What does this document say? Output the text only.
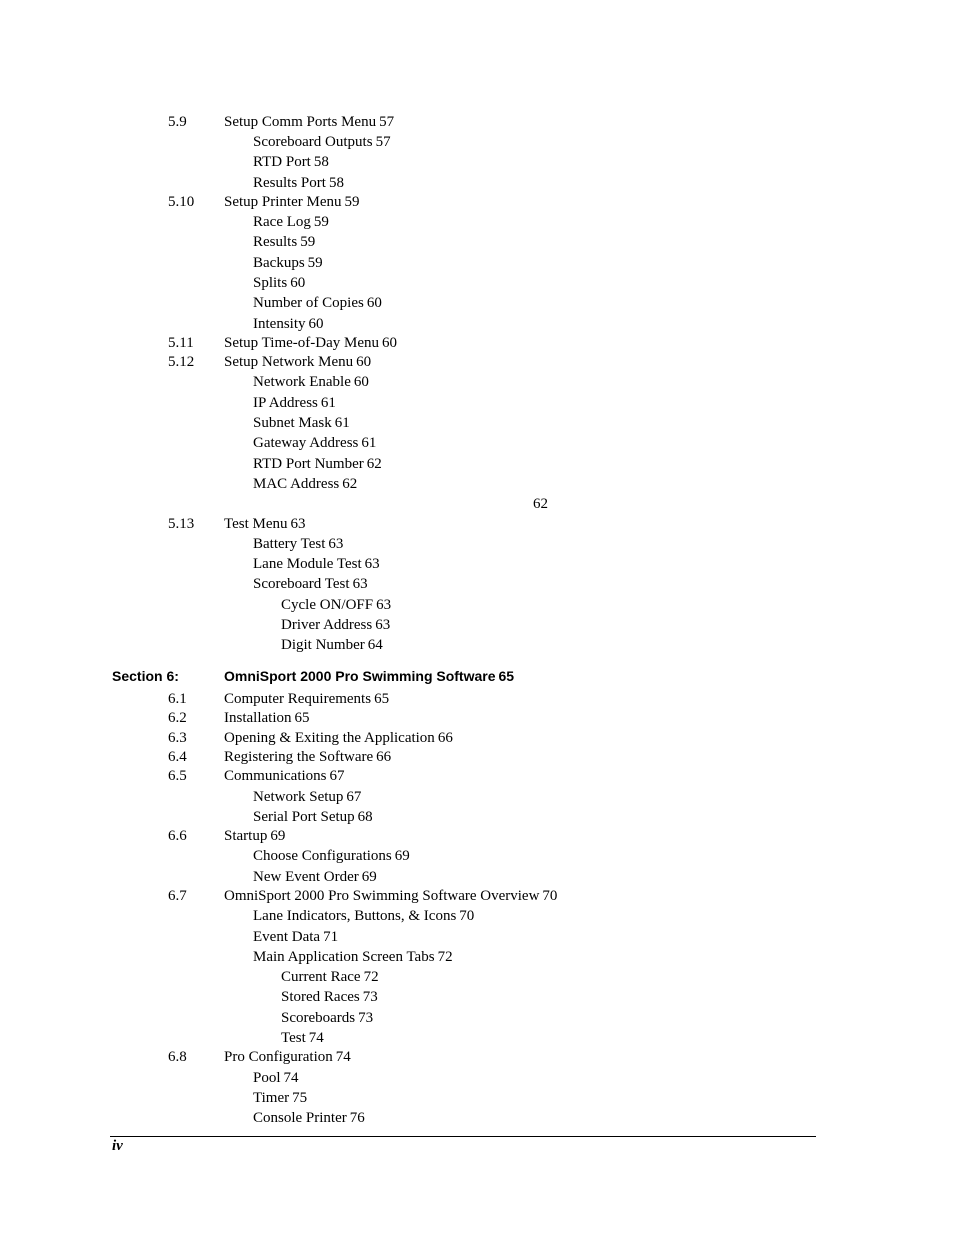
5.9 Setup Comm Ports Menu 57
Scoreboard Outputs 57
RTD Port 58
Results Port 58
5.10 Setup Printer Menu 59
Race Log 59
Results 59
Backups 59
Splits 60
Number of Copies 60
Intensity 60
5.11 Setup Time-of-Day Menu 60
5.12 Setup Network Menu 60
Network Enable 60
IP Address 61
Subnet Mask 61
Gateway Address 61
RTD Port Number 62
MAC Address 62
62
5.13 Test Menu 63
Battery Test 63
Lane Module Test 63
Scoreboard Test 63
Cycle ON/OFF 63
Driver Address 63
Digit Number 64
Section 6:	OmniSport 2000 Pro Swimming Software 65
6.1 Computer Requirements 65
6.2 Installation 65
6.3 Opening & Exiting the Application 66
6.4 Registering the Software 66
6.5 Communications 67
Network Setup 67
Serial Port Setup 68
6.6 Startup 69
Choose Configurations 69
New Event Order 69
6.7 OmniSport 2000 Pro Swimming Software Overview 70
Lane Indicators, Buttons, & Icons 70
Event Data 71
Main Application Screen Tabs 72
Current Race 72
Stored Races 73
Scoreboards 73
Test 74
6.8 Pro Configuration 74
Pool 74
Timer 75
Console Printer 76
iv
